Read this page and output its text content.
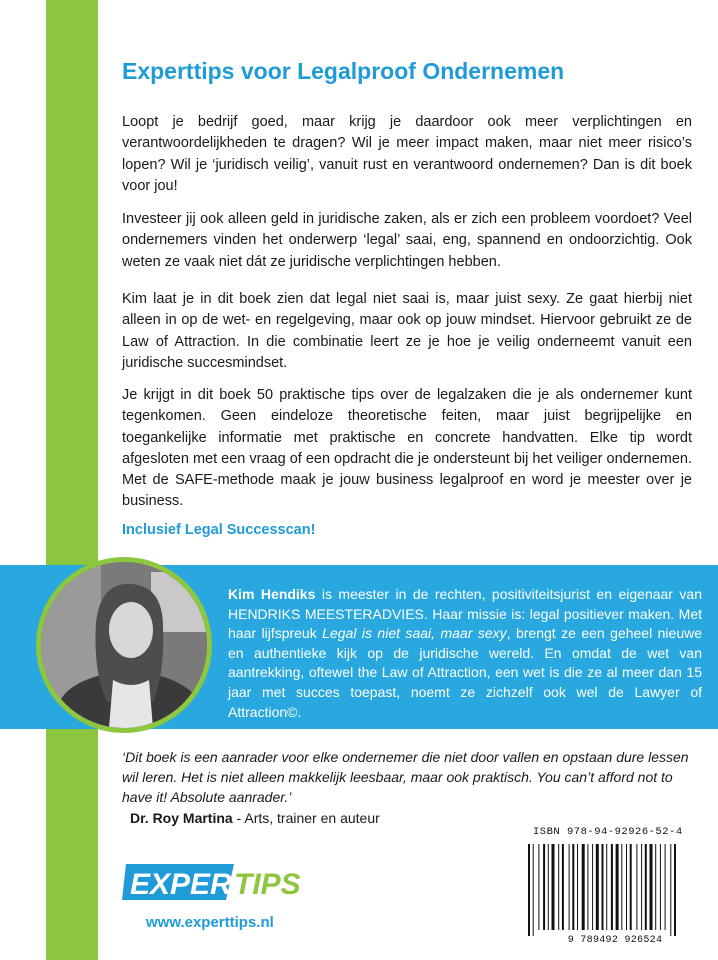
Experttips voor Legalproof Ondernemen

Loopt je bedrijf goed, maar krijg je daardoor ook meer verplichtingen en verantwoordelijkheden te dragen? Wil je meer impact maken, maar niet meer risico’s lopen? Wil je ‘juridisch veilig’, vanuit rust en verantwoord ondernemen? Dan is dit boek voor jou!

Investeer jij ook alleen geld in juridische zaken, als er zich een probleem voordoet? Veel ondernemers vinden het onderwerp ‘legal’ saai, eng, spannend en ondoorzichtig. Ook weten ze vaak niet dát ze juridische verplichtingen hebben.

Kim laat je in dit boek zien dat legal niet saai is, maar juist sexy. Ze gaat hierbij niet alleen in op de wet- en regelgeving, maar ook op jouw mindset. Hiervoor gebruikt ze de Law of Attraction. In die combinatie leert ze je hoe je veilig onderneemt vanuit een juridische succesmindset.

Je krijgt in dit boek 50 praktische tips over de legalzaken die je als ondernemer kunt tegenkomen. Geen eindeloze theoretische feiten, maar juist begrijpelijke en toegankelijke informatie met praktische en concrete handvatten. Elke tip wordt afgesloten met een vraag of een opdracht die je ondersteunt bij het veiliger ondernemen. Met de SAFE-methode maak je jouw business legalproof en word je meester over je business.

Inclusief Legal Successcan!
Kim Hendiks is meester in de rechten, positiviteitsjurist en eigenaar van HENDRIKS MEESTERADVIES. Haar missie is: legal positiever maken. Met haar lijfspreuk Legal is niet saai, maar sexy, brengt ze een geheel nieuwe en authentieke kijk op de juridische wereld. En omdat de wet van aantrekking, oftewel the Law of Attraction, een wet is die ze al meer dan 15 jaar met succes toepast, noemt ze zichzelf ook wel de Lawyer of Attraction©.

‘Dit boek is een aanrader voor elke ondernemer die niet door vallen en opstaan dure lessen wil leren. Het is niet alleen makkelijk leesbaar, maar ook praktisch. You can’t afford not to have it! Absolute aanrader.’

Dr. Roy Martina - Arts, trainer en auteur
ISBN 978-94-92926-52-4
9 789492 926524
EXPERT
TIPS
www.experttips.nl
